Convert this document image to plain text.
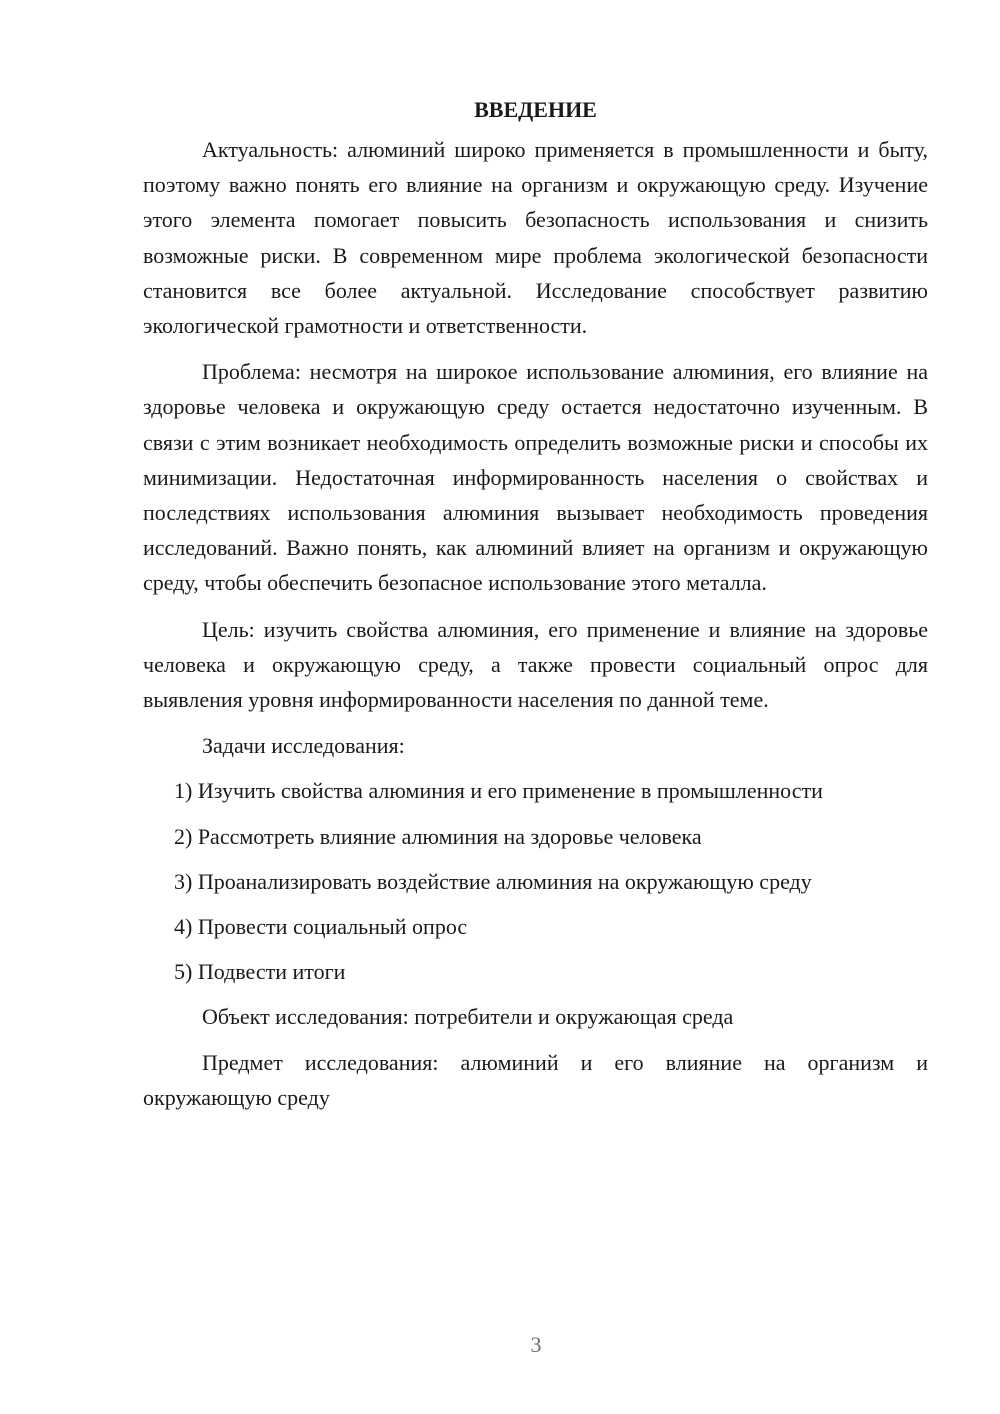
ВВЕДЕНИЕ

Актуальность: алюминий широко применяется в промышленности и быту, поэтому важно понять его влияние на организм и окружающую среду. Изучение этого элемента помогает повысить безопасность использования и снизить возможные риски. В современном мире проблема экологической безопасности становится все более актуальной. Исследование способствует развитию экологической грамотности и ответственности.

Проблема: несмотря на широкое использование алюминия, его влияние на здоровье человека и окружающую среду остается недостаточно изученным. В связи с этим возникает необходимость определить возможные риски и способы их минимизации. Недостаточная информированность населения о свойствах и последствиях использования алюминия вызывает необходимость проведения исследований. Важно понять, как алюминий влияет на организм и окружающую среду, чтобы обеспечить безопасное использование этого металла.

Цель: изучить свойства алюминия, его применение и влияние на здоровье человека и окружающую среду, а также провести социальный опрос для выявления уровня информированности населения по данной теме.

Задачи исследования:

1) Изучить свойства алюминия и его применение в промышленности
2) Рассмотреть влияние алюминия на здоровье человека
3) Проанализировать воздействие алюминия на окружающую среду
4) Провести социальный опрос
5) Подвести итоги

Объект исследования: потребители и окружающая среда

Предмет исследования: алюминий и его влияние на организм и окружающую среду

3
